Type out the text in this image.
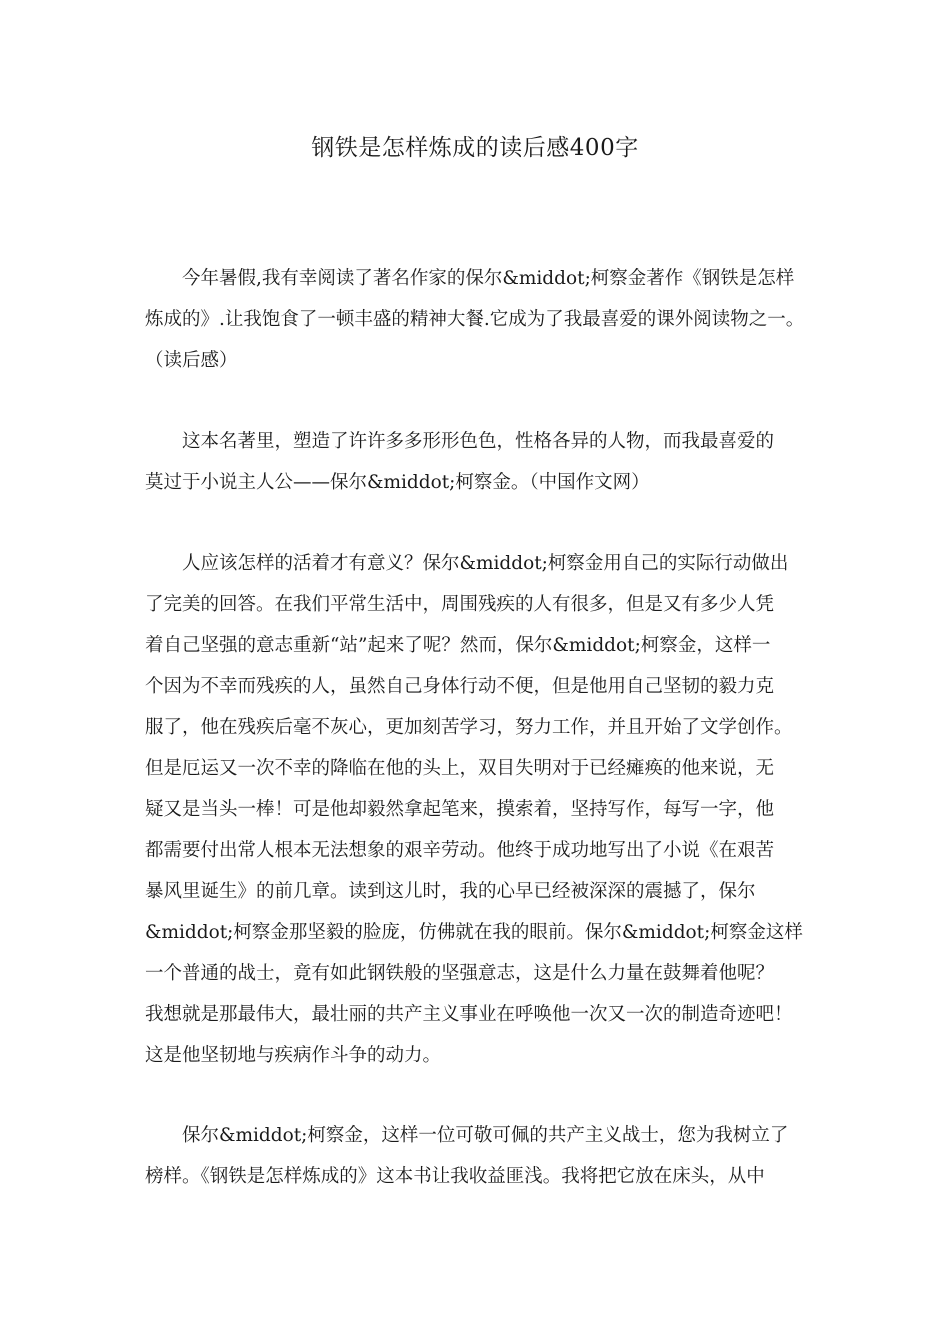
钢铁是怎样炼成的读后感400字
今年暑假,我有幸阅读了著名作家的保尔&middot;柯察金著作《钢铁是怎样
炼成的》.让我饱食了一顿丰盛的精神大餐.它成为了我最喜爱的课外阅读物之一。
（读后感）
这本名著里，塑造了许许多多形形色色，性格各异的人物，而我最喜爱的
莫过于小说主人公——保尔&middot;柯察金。（中国作文网）
人应该怎样的活着才有意义？保尔&middot;柯察金用自己的实际行动做出
了完美的回答。在我们平常生活中，周围残疾的人有很多，但是又有多少人凭
着自己坚强的意志重新“站”起来了呢？然而，保尔&middot;柯察金，这样一
个因为不幸而残疾的人，虽然自己身体行动不便，但是他用自己坚韧的毅力克
服了，他在残疾后毫不灰心，更加刻苦学习，努力工作，并且开始了文学创作。
但是厄运又一次不幸的降临在他的头上，双目失明对于已经瘫痪的他来说，无
疑又是当头一棒！可是他却毅然拿起笔来，摸索着，坚持写作，每写一字，他
都需要付出常人根本无法想象的艰辛劳动。他终于成功地写出了小说《在艰苦
暴风里诞生》的前几章。读到这儿时，我的心早已经被深深的震撼了，保尔
&middot;柯察金那坚毅的脸庞，仿佛就在我的眼前。保尔&middot;柯察金这样
一个普通的战士，竟有如此钢铁般的坚强意志，这是什么力量在鼓舞着他呢？
我想就是那最伟大，最壮丽的共产主义事业在呼唤他一次又一次的制造奇迹吧！
这是他坚韧地与疾病作斗争的动力。
保尔&middot;柯察金，这样一位可敬可佩的共产主义战士，您为我树立了
榜样。《钢铁是怎样炼成的》这本书让我收益匪浅。我将把它放在床头，从中
